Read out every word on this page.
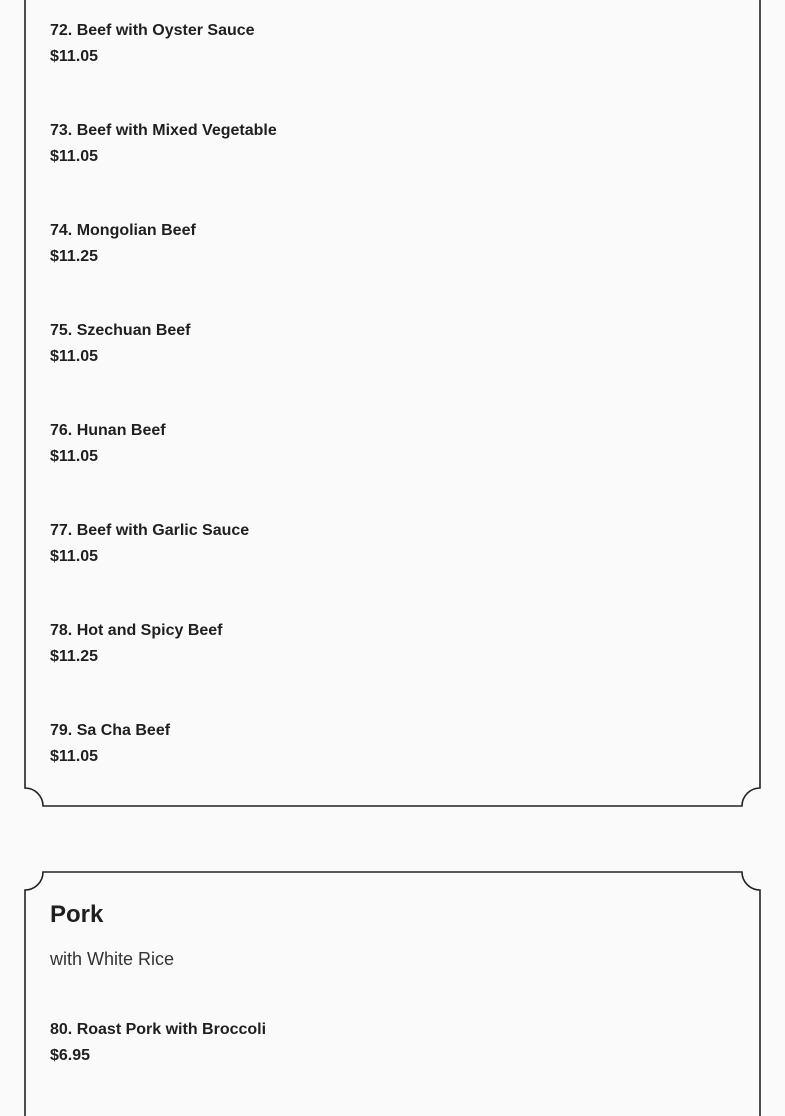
72. Beef with Oyster Sauce
$11.05
73. Beef with Mixed Vegetable
$11.05
74. Mongolian Beef
$11.25
75. Szechuan Beef
$11.05
76. Hunan Beef
$11.05
77. Beef with Garlic Sauce
$11.05
78. Hot and Spicy Beef
$11.25
79. Sa Cha Beef
$11.05
Pork
with White Rice
80. Roast Pork with Broccoli
$6.95
